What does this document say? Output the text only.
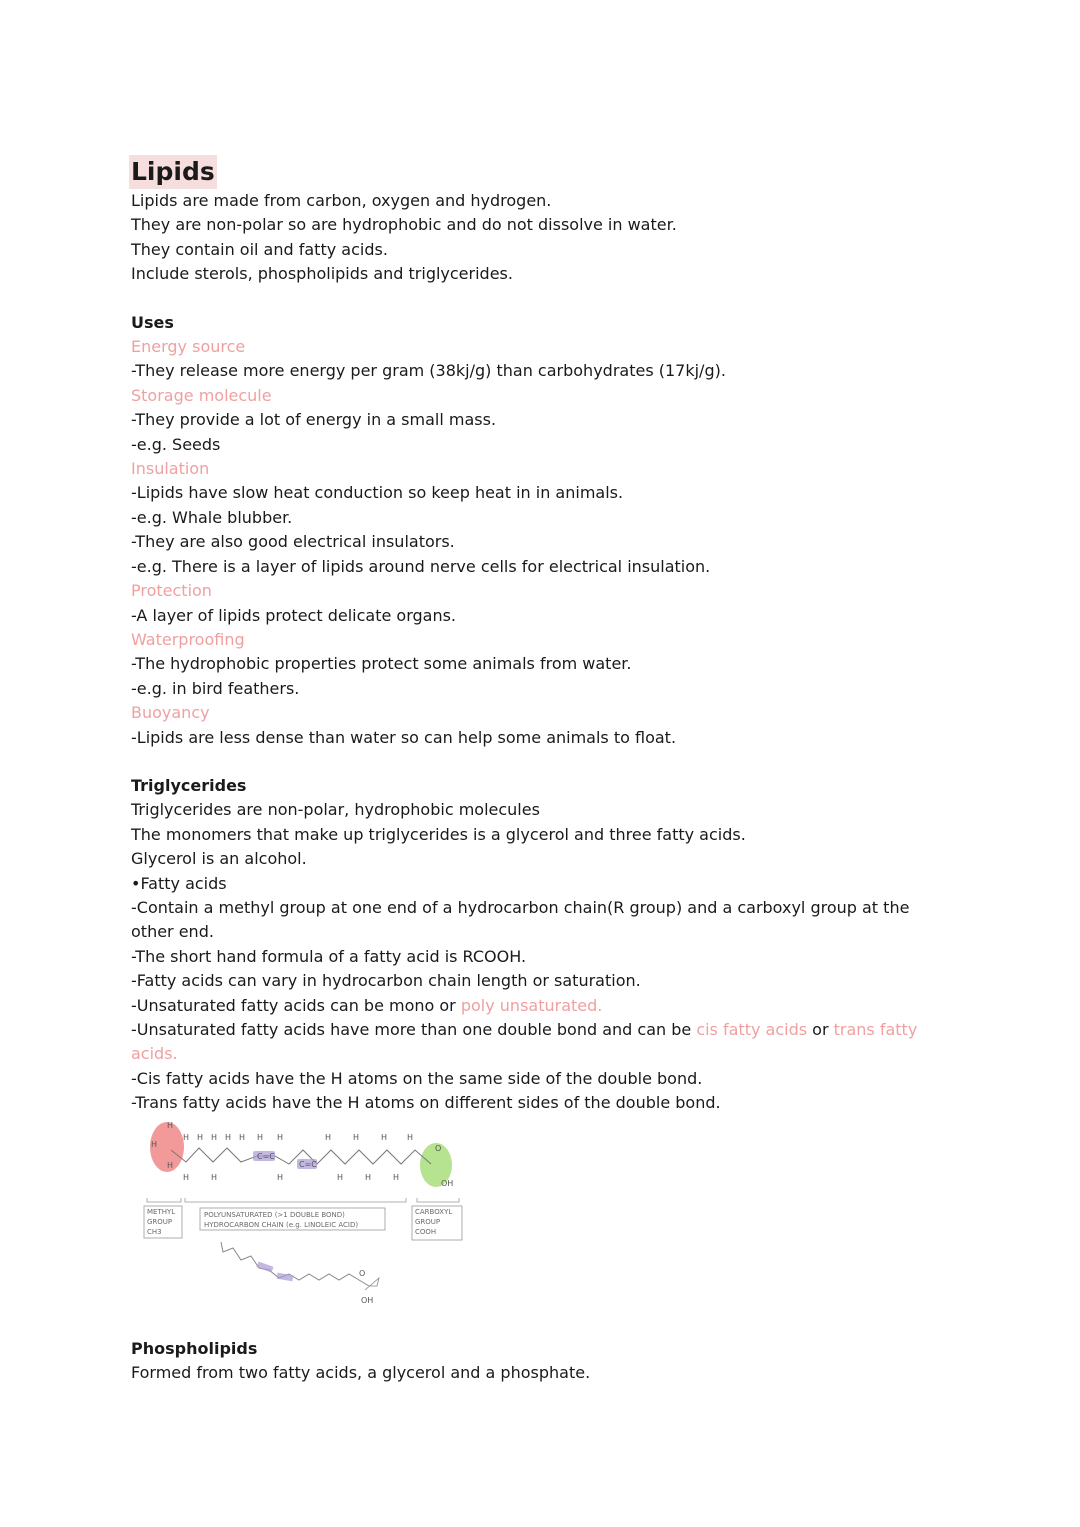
Lipids
Lipids are made from carbon, oxygen and hydrogen.
They are non-polar so are hydrophobic and do not dissolve in water.
They contain oil and fatty acids.
Include sterols, phospholipids and triglycerides.
Uses
Energy source
-They release more energy per gram (38kj/g) than carbohydrates (17kj/g).
Storage molecule
-They provide a lot of energy in a small mass.
-e.g. Seeds
Insulation
-Lipids have slow heat conduction so keep heat in in animals.
-e.g. Whale blubber.
-They are also good electrical insulators.
-e.g. There is a layer of lipids around nerve cells for electrical insulation.
Protection
-A layer of lipids protect delicate organs.
Waterproofing
-The hydrophobic properties protect some animals from water.
-e.g. in bird feathers.
Buoyancy
-Lipids are less dense than water so can help some animals to float.
Triglycerides
Triglycerides are non-polar, hydrophobic molecules
The monomers that make up triglycerides is a glycerol and three fatty acids.
Glycerol is an alcohol.
•Fatty acids
-Contain a methyl group at one end of a hydrocarbon chain(R group) and a carboxyl group at the other end.
-The short hand formula of a fatty acid is RCOOH.
-Fatty acids can vary in hydrocarbon chain length or saturation.
-Unsaturated fatty acids can be mono or poly unsaturated.
-Unsaturated fatty acids have more than one double bond and can be cis fatty acids or trans fatty acids.
-Cis fatty acids have the H atoms on the same side of the double bond.
-Trans fatty acids have the H atoms on different sides of the double bond.
C=C
C=C
H H H H H H H	H	H	H H
H	H	H	H	H	H
H
H
H
OH
O
METHYL
GROUP
CH3
POLYUNSATURATED (>1 DOUBLE BOND)
HYDROCARBON CHAIN (e.g. LINOLEIC ACID)
CARBOXYL
GROUP
COOH
O
OH
Phospholipids
Formed from two fatty acids, a glycerol and a phosphate.
